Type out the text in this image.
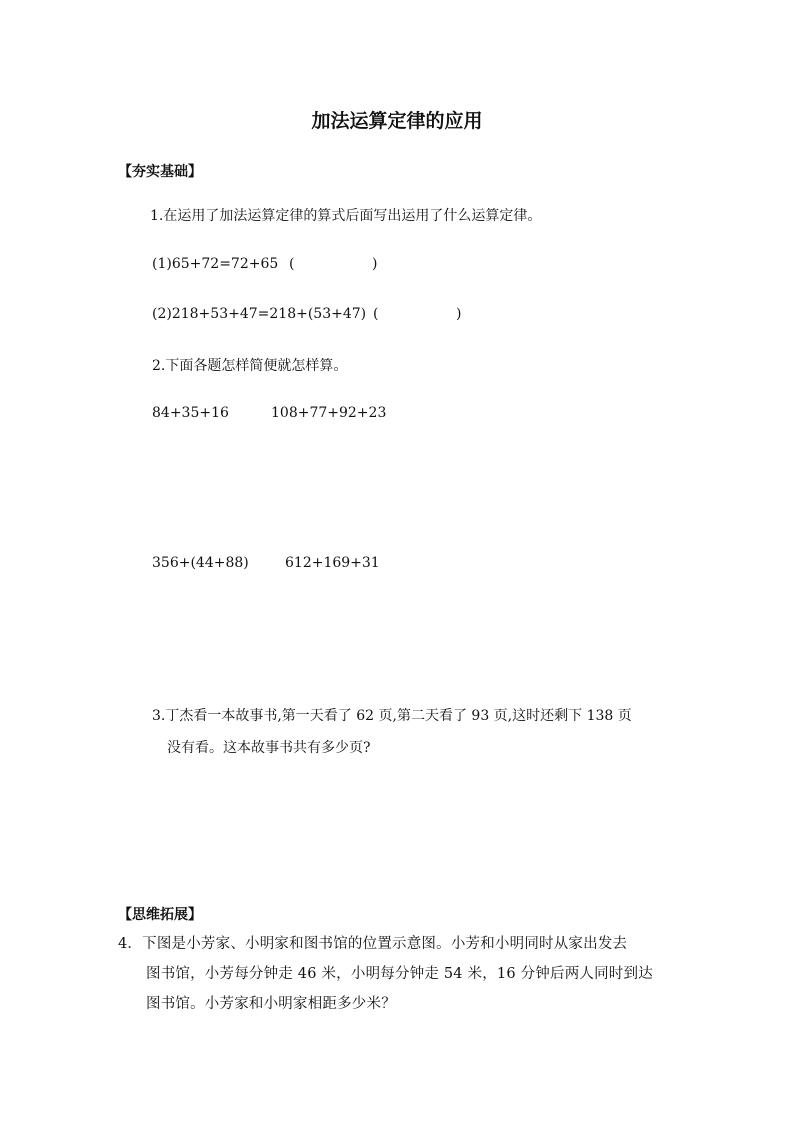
加法运算定律的应用
【夯实基础】
1.在运用了加法运算定律的算式后面写出运用了什么运算定律。
(1)65+72=72+65 (	)
(2)218+53+47=218+(53+47) (	)
2.下面各题怎样简便就怎样算。
84+35+16	108+77+92+23
356+(44+88)	612+169+31
3.丁杰看一本故事书,第一天看了 62 页,第二天看了 93 页,这时还剩下 138 页
没有看。这本故事书共有多少页?
【思维拓展】
4．下图是小芳家、小明家和图书馆的位置示意图。小芳和小明同时从家出发去
图书馆，小芳每分钟走 46 米，小明每分钟走 54 米，16 分钟后两人同时到达
图书馆。小芳家和小明家相距多少米？
